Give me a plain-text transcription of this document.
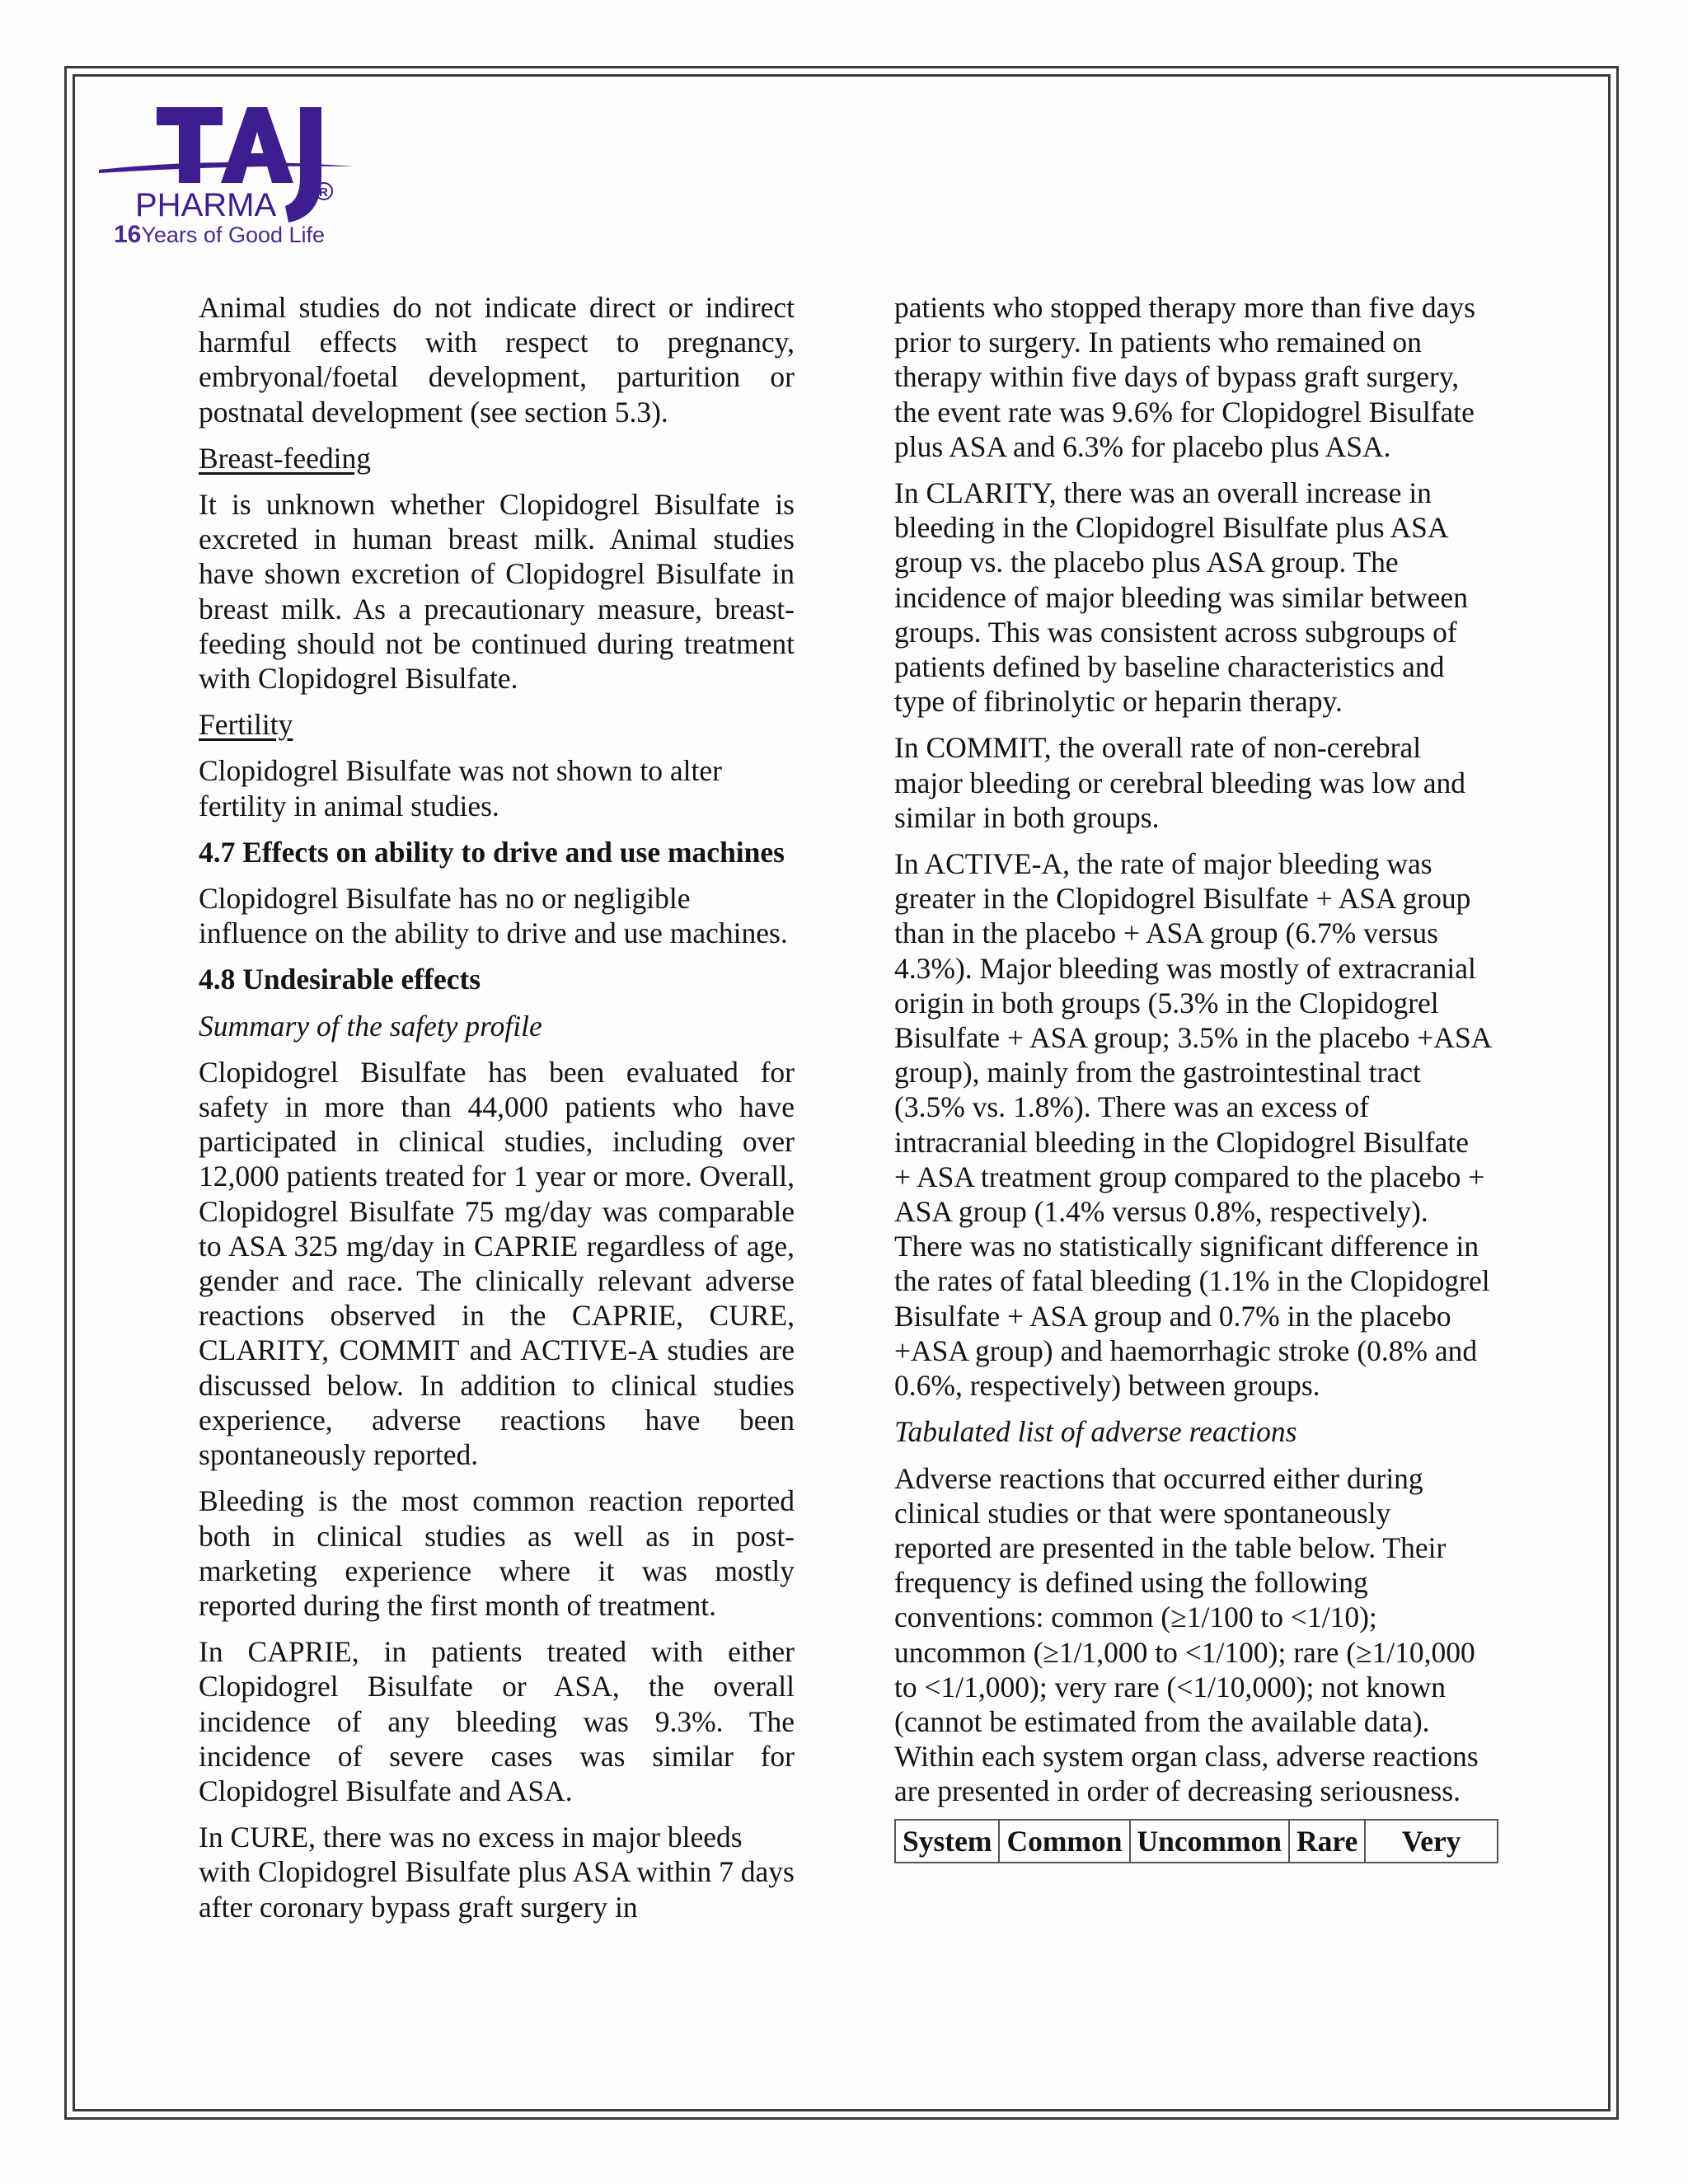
PHARMA	R
16Years of Good Life

Animal studies do not indicate direct or indirect harmful effects with respect to pregnancy, embryonal/foetal development, parturition or postnatal development (see section 5.3).

Breast-feeding

It is unknown whether Clopidogrel Bisulfate is excreted in human breast milk. Animal studies have shown excretion of Clopidogrel Bisulfate in breast milk. As a precautionary measure, breast-feeding should not be continued during treatment with Clopidogrel Bisulfate.

Fertility

Clopidogrel Bisulfate was not shown to alter fertility in animal studies.

4.7 Effects on ability to drive and use machines

Clopidogrel Bisulfate has no or negligible influence on the ability to drive and use machines.

4.8 Undesirable effects

Summary of the safety profile

Clopidogrel Bisulfate has been evaluated for safety in more than 44,000 patients who have participated in clinical studies, including over 12,000 patients treated for 1 year or more. Overall, Clopidogrel Bisulfate 75 mg/day was comparable to ASA 325 mg/day in CAPRIE regardless of age, gender and race. The clinically relevant adverse reactions observed in the CAPRIE, CURE, CLARITY, COMMIT and ACTIVE-A studies are discussed below. In addition to clinical studies experience, adverse reactions have been spontaneously reported.

Bleeding is the most common reaction reported both in clinical studies as well as in post-marketing experience where it was mostly reported during the first month of treatment.

In CAPRIE, in patients treated with either Clopidogrel Bisulfate or ASA, the overall incidence of any bleeding was 9.3%. The incidence of severe cases was similar for Clopidogrel Bisulfate and ASA.

In CURE, there was no excess in major bleeds with Clopidogrel Bisulfate plus ASA within 7 days after coronary bypass graft surgery in

patients who stopped therapy more than five days prior to surgery. In patients who remained on therapy within five days of bypass graft surgery, the event rate was 9.6% for Clopidogrel Bisulfate plus ASA and 6.3% for placebo plus ASA.

In CLARITY, there was an overall increase in bleeding in the Clopidogrel Bisulfate plus ASA group vs. the placebo plus ASA group. The incidence of major bleeding was similar between groups. This was consistent across subgroups of patients defined by baseline characteristics and type of fibrinolytic or heparin therapy.

In COMMIT, the overall rate of non-cerebral major bleeding or cerebral bleeding was low and similar in both groups.

In ACTIVE-A, the rate of major bleeding was greater in the Clopidogrel Bisulfate + ASA group than in the placebo + ASA group (6.7% versus 4.3%). Major bleeding was mostly of extracranial origin in both groups (5.3% in the Clopidogrel Bisulfate + ASA group; 3.5% in the placebo +ASA group), mainly from the gastrointestinal tract (3.5% vs. 1.8%). There was an excess of intracranial bleeding in the Clopidogrel Bisulfate + ASA treatment group compared to the placebo + ASA group (1.4% versus 0.8%, respectively). There was no statistically significant difference in the rates of fatal bleeding (1.1% in the Clopidogrel Bisulfate + ASA group and 0.7% in the placebo +ASA group) and haemorrhagic stroke (0.8% and 0.6%, respectively) between groups.

Tabulated list of adverse reactions

Adverse reactions that occurred either during clinical studies or that were spontaneously reported are presented in the table below. Their frequency is defined using the following conventions: common (≥1/100 to <1/10); uncommon (≥1/1,000 to <1/100); rare (≥1/10,000 to <1/1,000); very rare (<1/10,000); not known (cannot be estimated from the available data). Within each system organ class, adverse reactions are presented in order of decreasing seriousness.

System	Common	Uncommon	Rare	Very
